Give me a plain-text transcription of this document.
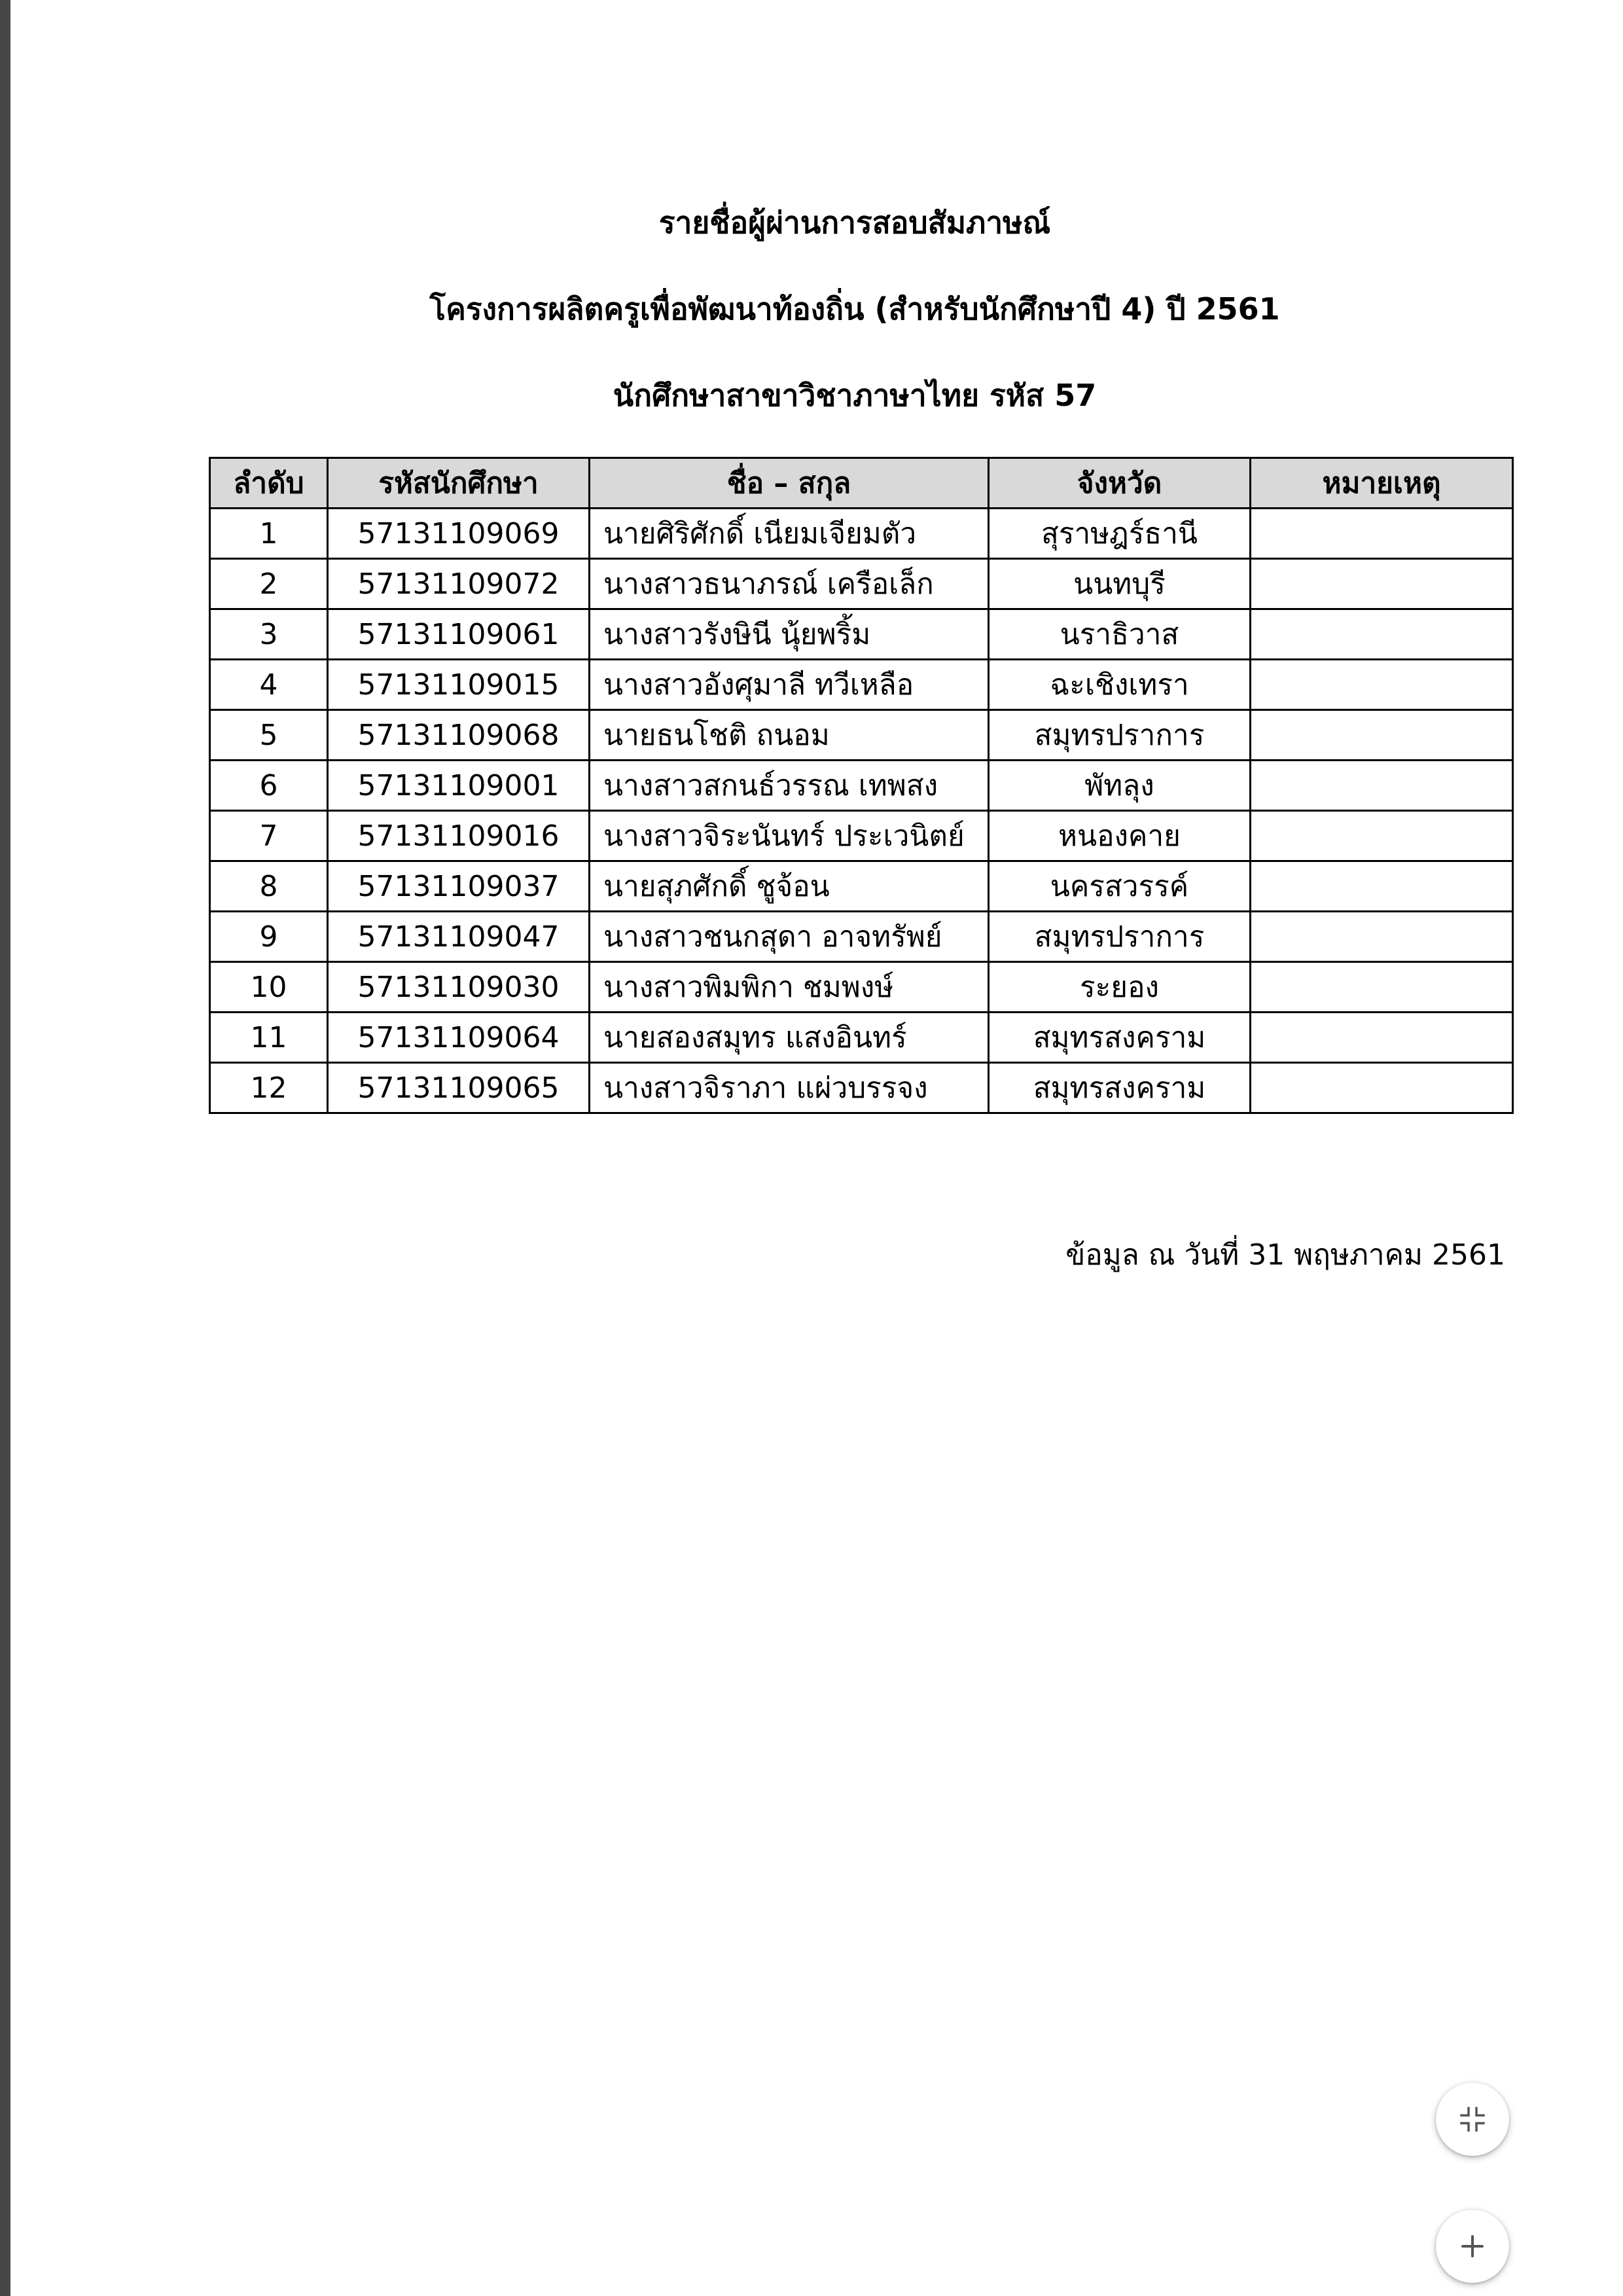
รายชื่อผู้ผ่านการสอบสัมภาษณ์
โครงการผลิตครูเพื่อพัฒนาท้องถิ่น (สำหรับนักศึกษาปี 4) ปี 2561
นักศึกษาสาขาวิชาภาษาไทย รหัส 57
ลำดับ	รหัสนักศึกษา	ชื่อ – สกุล	จังหวัด	หมายเหตุ
1	57131109069	นายศิริศักดิ์ เนียมเจียมตัว	สุราษฎร์ธานี	
2	57131109072	นางสาวธนาภรณ์ เครือเล็ก	นนทบุรี	
3	57131109061	นางสาวรังษินี นุ้ยพริ้ม	นราธิวาส	
4	57131109015	นางสาวอังศุมาลี ทวีเหลือ	ฉะเชิงเทรา	
5	57131109068	นายธนโชติ ถนอม	สมุทรปราการ	
6	57131109001	นางสาวสกนธ์วรรณ เทพสง	พัทลุง	
7	57131109016	นางสาวจิระนันทร์ ประเวนิตย์	หนองคาย	
8	57131109037	นายสุภศักดิ์ ชูจ้อน	นครสวรรค์	
9	57131109047	นางสาวชนกสุดา อาจทรัพย์	สมุทรปราการ	
10	57131109030	นางสาวพิมพิกา ชมพงษ์	ระยอง	
11	57131109064	นายสองสมุทร แสงอินทร์	สมุทรสงคราม	
12	57131109065	นางสาวจิราภา แผ่วบรรจง	สมุทรสงคราม	
ข้อมูล ณ วันที่ 31 พฤษภาคม 2561
